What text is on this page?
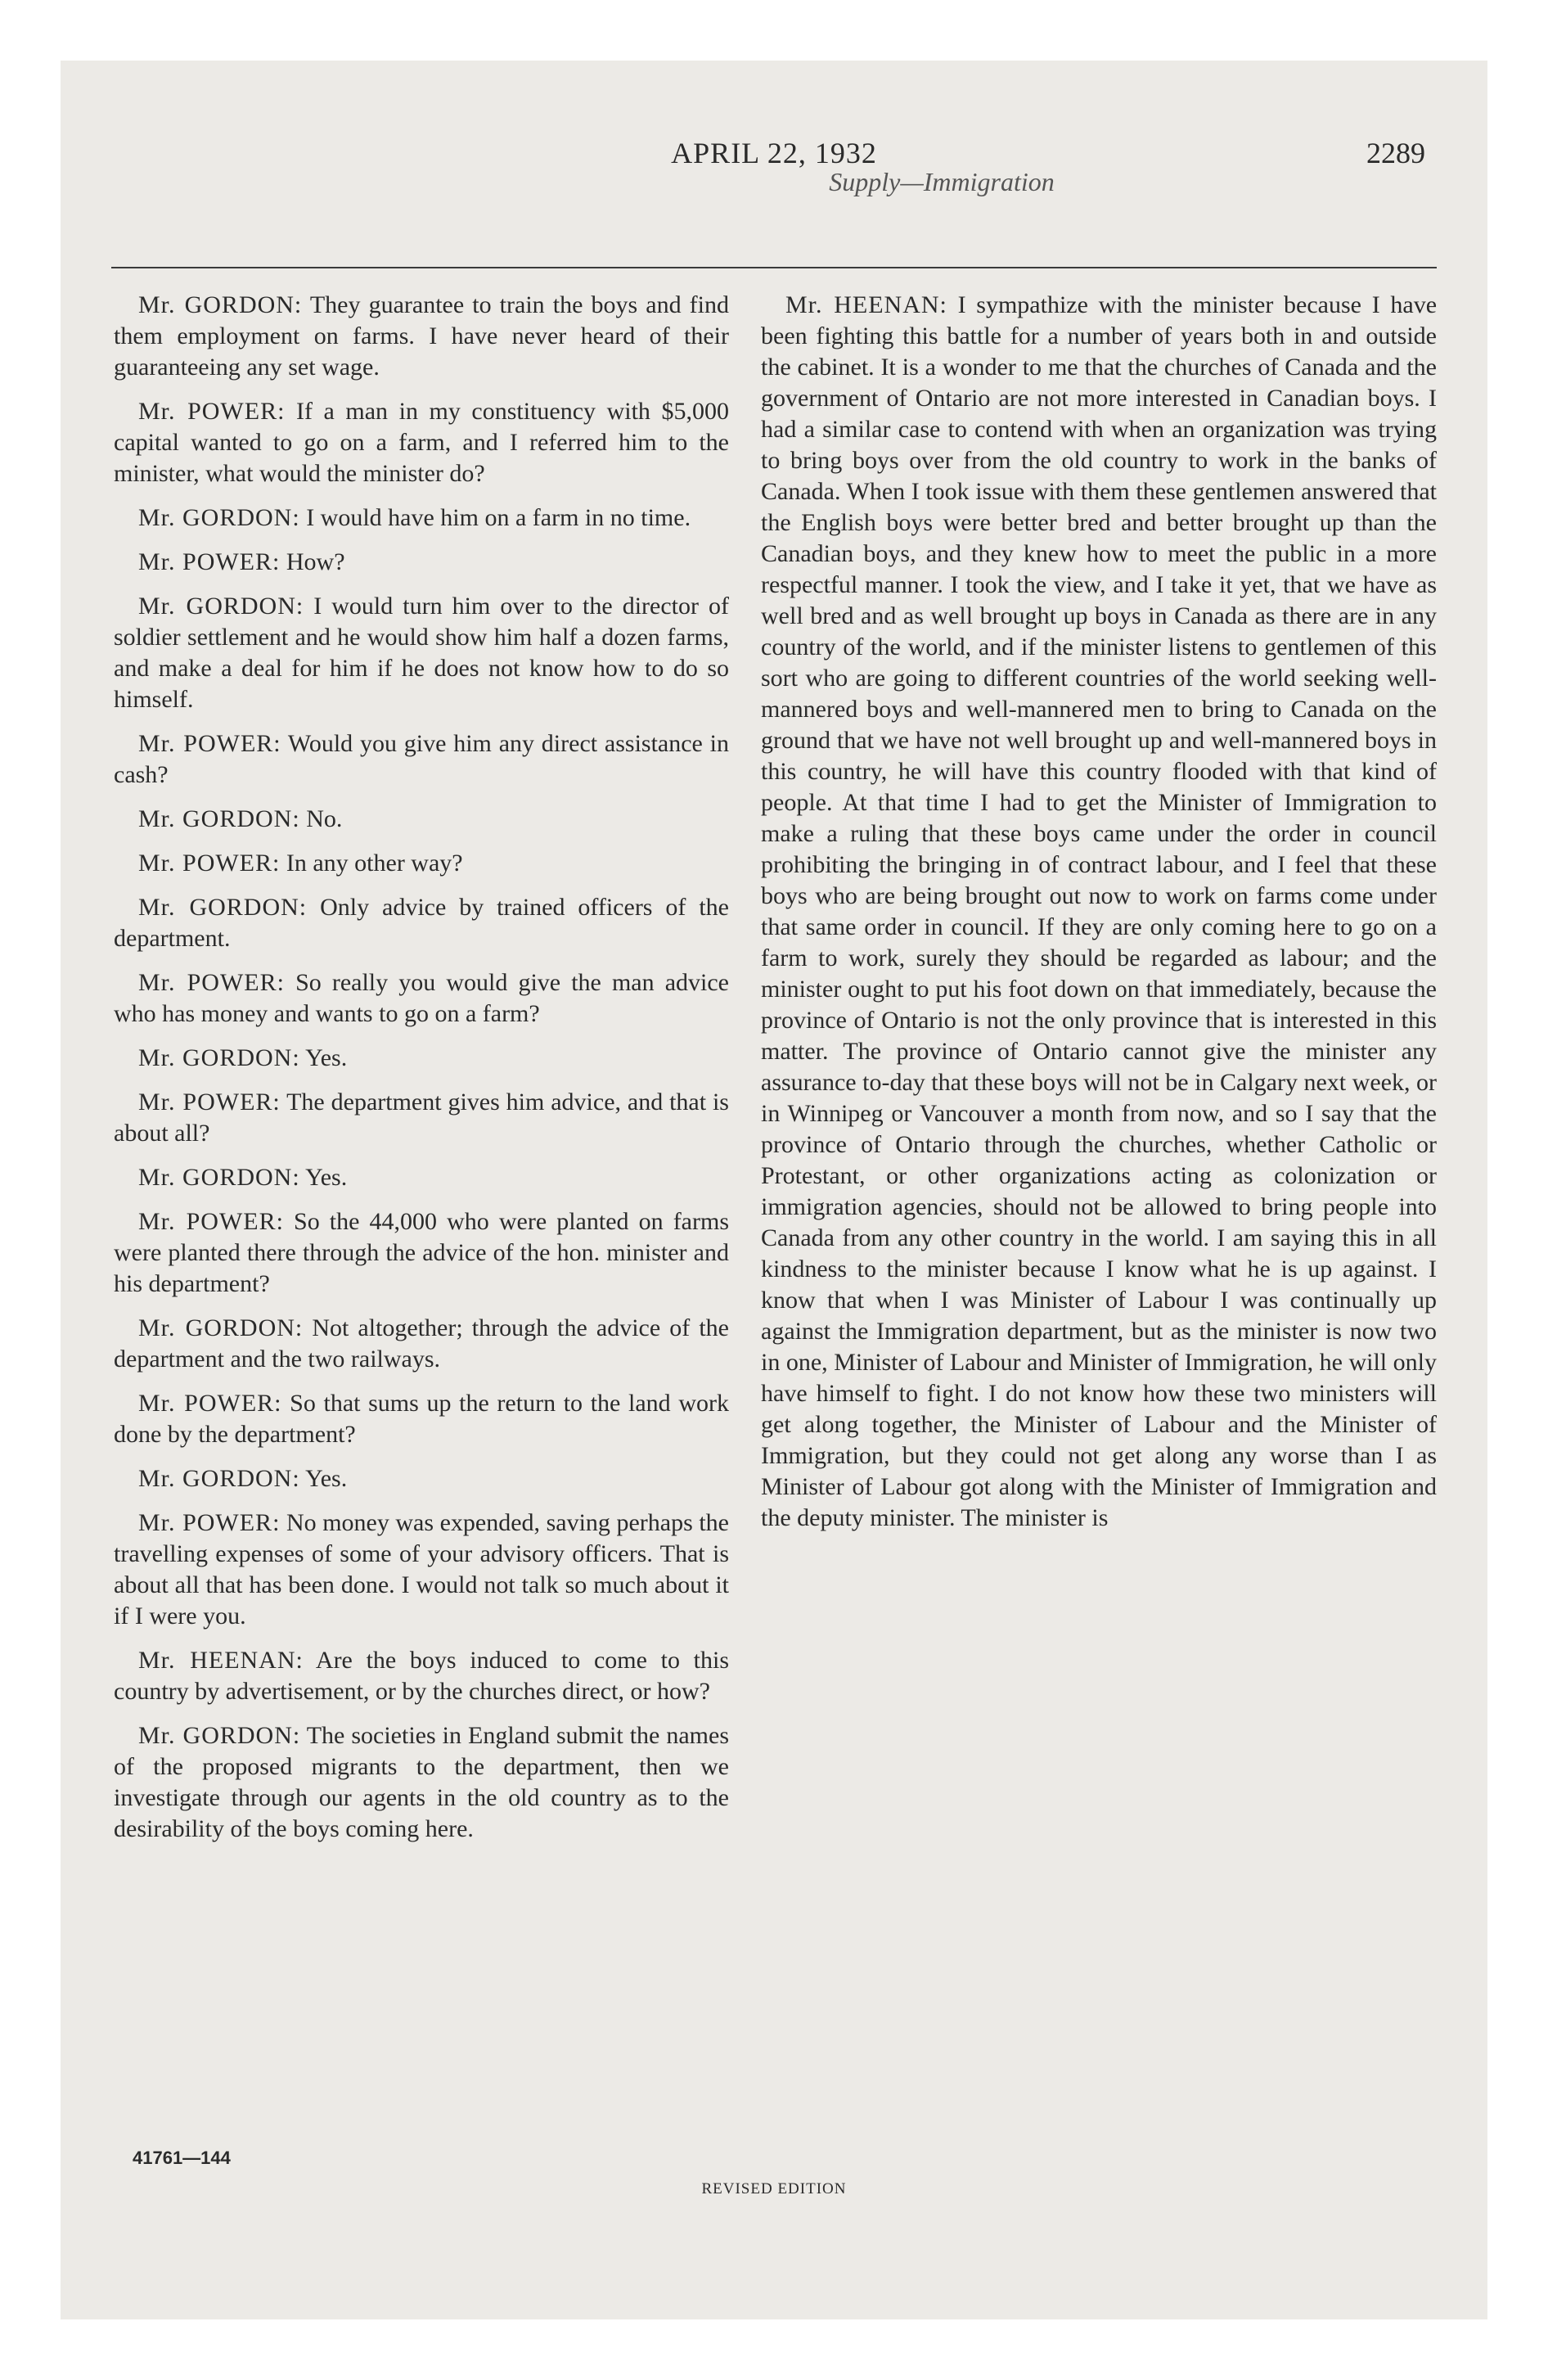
APRIL 22, 1932	2289
Supply—Immigration

Mr. GORDON: They guarantee to train the boys and find them employment on farms. I have never heard of their guaranteeing any set wage.

Mr. POWER: If a man in my constituency with $5,000 capital wanted to go on a farm, and I referred him to the minister, what would the minister do?

Mr. GORDON: I would have him on a farm in no time.

Mr. POWER: How?

Mr. GORDON: I would turn him over to the director of soldier settlement and he would show him half a dozen farms, and make a deal for him if he does not know how to do so himself.

Mr. POWER: Would you give him any direct assistance in cash?

Mr. GORDON: No.

Mr. POWER: In any other way?

Mr. GORDON: Only advice by trained officers of the department.

Mr. POWER: So really you would give the man advice who has money and wants to go on a farm?

Mr. GORDON: Yes.

Mr. POWER: The department gives him advice, and that is about all?

Mr. GORDON: Yes.

Mr. POWER: So the 44,000 who were planted on farms were planted there through the advice of the hon. minister and his department?

Mr. GORDON: Not altogether; through the advice of the department and the two railways.

Mr. POWER: So that sums up the return to the land work done by the department?

Mr. GORDON: Yes.

Mr. POWER: No money was expended, saving perhaps the travelling expenses of some of your advisory officers. That is about all that has been done. I would not talk so much about it if I were you.

Mr. HEENAN: Are the boys induced to come to this country by advertisement, or by the churches direct, or how?

Mr. GORDON: The societies in England submit the names of the proposed migrants to the department, then we investigate through our agents in the old country as to the desirability of the boys coming here.

Mr. HEENAN: I sympathize with the minister because I have been fighting this battle for a number of years both in and outside the cabinet. It is a wonder to me that the churches of Canada and the government of Ontario are not more interested in Canadian boys. I had a similar case to contend with when an organization was trying to bring boys over from the old country to work in the banks of Canada. When I took issue with them these gentlemen answered that the English boys were better bred and better brought up than the Canadian boys, and they knew how to meet the public in a more respectful manner. I took the view, and I take it yet, that we have as well bred and as well brought up boys in Canada as there are in any country of the world, and if the minister listens to gentlemen of this sort who are going to different countries of the world seeking well-mannered boys and well-mannered men to bring to Canada on the ground that we have not well brought up and well-mannered boys in this country, he will have this country flooded with that kind of people. At that time I had to get the Minister of Immigration to make a ruling that these boys came under the order in council prohibiting the bringing in of contract labour, and I feel that these boys who are being brought out now to work on farms come under that same order in council. If they are only coming here to go on a farm to work, surely they should be regarded as labour; and the minister ought to put his foot down on that immediately, because the province of Ontario is not the only province that is interested in this matter. The province of Ontario cannot give the minister any assurance to-day that these boys will not be in Calgary next week, or in Winnipeg or Vancouver a month from now, and so I say that the province of Ontario through the churches, whether Catholic or Protestant, or other organizations acting as colonization or immigration agencies, should not be allowed to bring people into Canada from any other country in the world. I am saying this in all kindness to the minister because I know what he is up against. I know that when I was Minister of Labour I was continually up against the Immigration department, but as the minister is now two in one, Minister of Labour and Minister of Immigration, he will only have himself to fight. I do not know how these two ministers will get along together, the Minister of Labour and the Minister of Immigration, but they could not get along any worse than I as Minister of Labour got along with the Minister of Immigration and the deputy minister. The minister is

41761—144
REVISED EDITION
